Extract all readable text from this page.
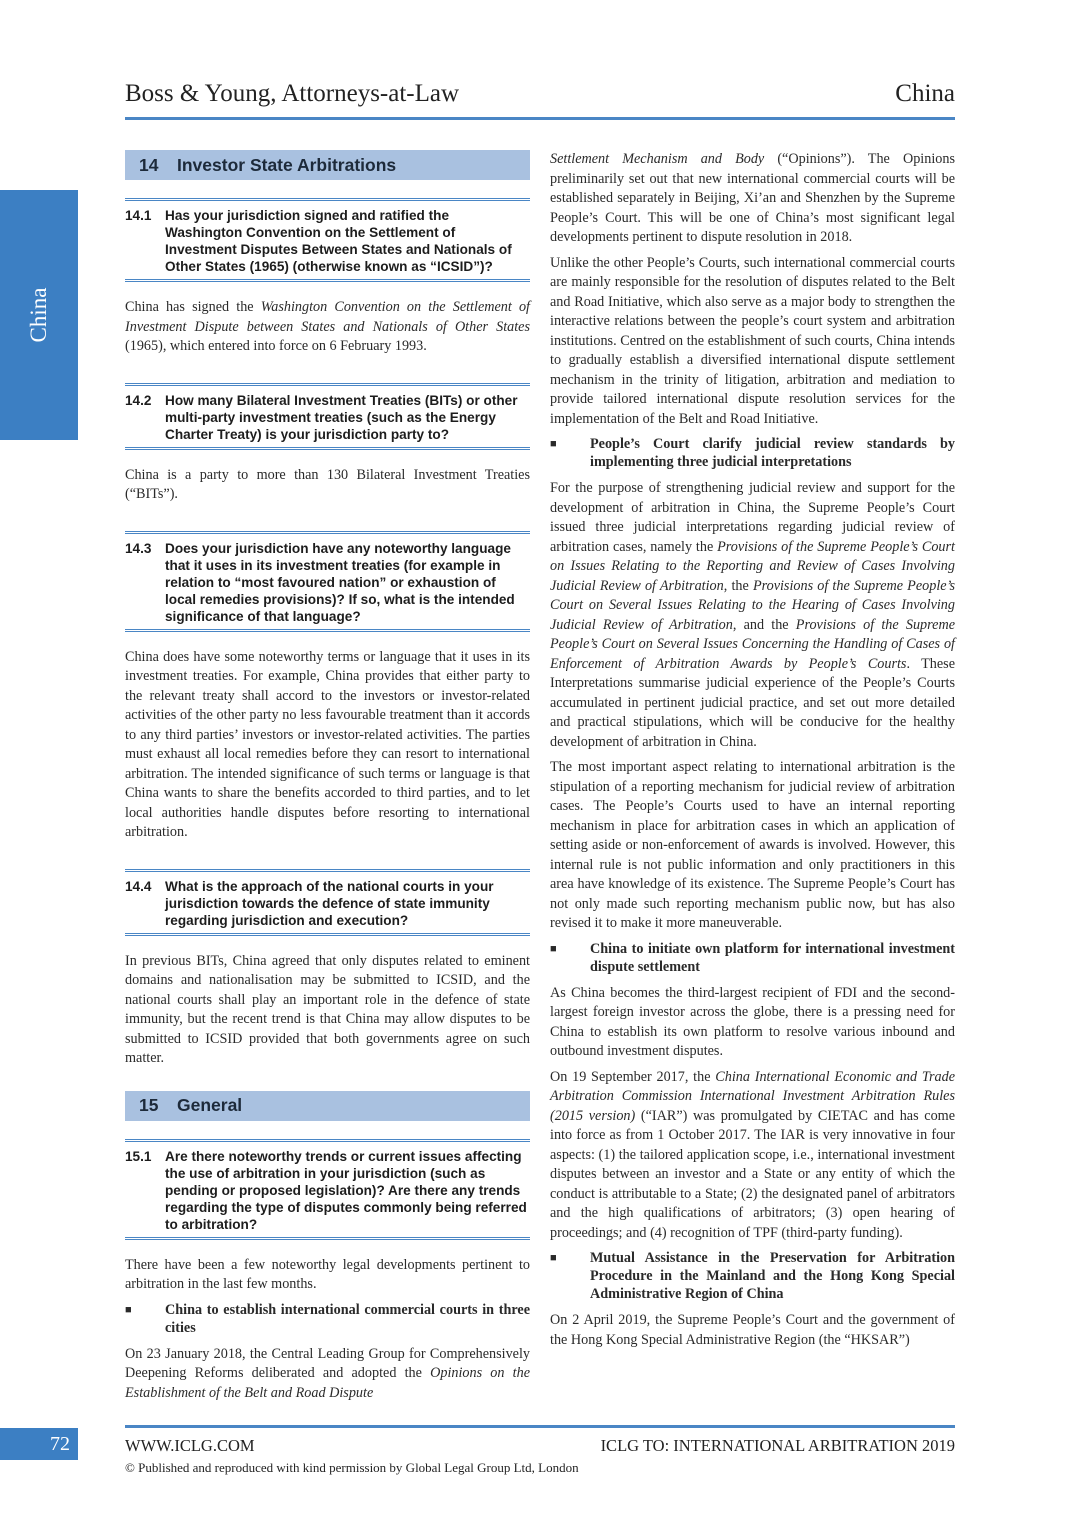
Boss & Young, Attorneys-at-Law	China
China
14	Investor State Arbitrations
14.1 Has your jurisdiction signed and ratified the Washington Convention on the Settlement of Investment Disputes Between States and Nationals of Other States (1965) (otherwise known as “ICSID”)?

China has signed the Washington Convention on the Settlement of Investment Dispute between States and Nationals of Other States (1965), which entered into force on 6 February 1993.

14.2 How many Bilateral Investment Treaties (BITs) or other multi-party investment treaties (such as the Energy Charter Treaty) is your jurisdiction party to?

China is a party to more than 130 Bilateral Investment Treaties (“BITs”).

14.3 Does your jurisdiction have any noteworthy language that it uses in its investment treaties (for example in relation to “most favoured nation” or exhaustion of local remedies provisions)? If so, what is the intended significance of that language?

China does have some noteworthy terms or language that it uses in its investment treaties. For example, China provides that either party to the relevant treaty shall accord to the investors or investor-related activities of the other party no less favourable treatment than it accords to any third parties’ investors or investor-related activities. The parties must exhaust all local remedies before they can resort to international arbitration. The intended significance of such terms or language is that China wants to share the benefits accorded to third parties, and to let local authorities handle disputes before resorting to international arbitration.

14.4 What is the approach of the national courts in your jurisdiction towards the defence of state immunity regarding jurisdiction and execution?

In previous BITs, China agreed that only disputes related to eminent domains and nationalisation may be submitted to ICSID, and the national courts shall play an important role in the defence of state immunity, but the recent trend is that China may allow disputes to be submitted to ICSID provided that both governments agree on such matter.

15	General
15.1 Are there noteworthy trends or current issues affecting the use of arbitration in your jurisdiction (such as pending or proposed legislation)? Are there any trends regarding the type of disputes commonly being referred to arbitration?

There have been a few noteworthy legal developments pertinent to arbitration in the last few months.

■	China to establish international commercial courts in three cities

On 23 January 2018, the Central Leading Group for Comprehensively Deepening Reforms deliberated and adopted the Opinions on the Establishment of the Belt and Road Dispute

Settlement Mechanism and Body (“Opinions”). The Opinions preliminarily set out that new international commercial courts will be established separately in Beijing, Xi’an and Shenzhen by the Supreme People’s Court. This will be one of China’s most significant legal developments pertinent to dispute resolution in 2018.

Unlike the other People’s Courts, such international commercial courts are mainly responsible for the resolution of disputes related to the Belt and Road Initiative, which also serve as a major body to strengthen the interactive relations between the people’s court system and arbitration institutions. Centred on the establishment of such courts, China intends to gradually establish a diversified international dispute settlement mechanism in the trinity of litigation, arbitration and mediation to provide tailored international dispute resolution services for the implementation of the Belt and Road Initiative.

■	People’s Court clarify judicial review standards by implementing three judicial interpretations

For the purpose of strengthening judicial review and support for the development of arbitration in China, the Supreme People’s Court issued three judicial interpretations regarding judicial review of arbitration cases, namely the Provisions of the Supreme People’s Court on Issues Relating to the Reporting and Review of Cases Involving Judicial Review of Arbitration, the Provisions of the Supreme People’s Court on Several Issues Relating to the Hearing of Cases Involving Judicial Review of Arbitration, and the Provisions of the Supreme People’s Court on Several Issues Concerning the Handling of Cases of Enforcement of Arbitration Awards by People’s Courts. These Interpretations summarise judicial experience of the People’s Courts accumulated in pertinent judicial practice, and set out more detailed and practical stipulations, which will be conducive for the healthy development of arbitration in China.

The most important aspect relating to international arbitration is the stipulation of a reporting mechanism for judicial review of arbitration cases. The People’s Courts used to have an internal reporting mechanism in place for arbitration cases in which an application of setting aside or non-enforcement of awards is involved. However, this internal rule is not public information and only practitioners in this area have knowledge of its existence. The Supreme People’s Court has not only made such reporting mechanism public now, but has also revised it to make it more maneuverable.

■	China to initiate own platform for international investment dispute settlement

As China becomes the third-largest recipient of FDI and the second-largest foreign investor across the globe, there is a pressing need for China to establish its own platform to resolve various inbound and outbound investment disputes.

On 19 September 2017, the China International Economic and Trade Arbitration Commission International Investment Arbitration Rules (2015 version) (“IAR”) was promulgated by CIETAC and has come into force as from 1 October 2017. The IAR is very innovative in four aspects: (1) the tailored application scope, i.e., international investment disputes between an investor and a State or any entity of which the conduct is attributable to a State; (2) the designated panel of arbitrators and the high qualifications of arbitrators; (3) open hearing of proceedings; and (4) recognition of TPF (third-party funding).

■	Mutual Assistance in the Preservation for Arbitration Procedure in the Mainland and the Hong Kong Special Administrative Region of China

On 2 April 2019, the Supreme People’s Court and the government of the Hong Kong Special Administrative Region (the “HKSAR”)

72	WWW.ICLG.COM	ICLG TO: INTERNATIONAL ARBITRATION 2019
© Published and reproduced with kind permission by Global Legal Group Ltd, London
